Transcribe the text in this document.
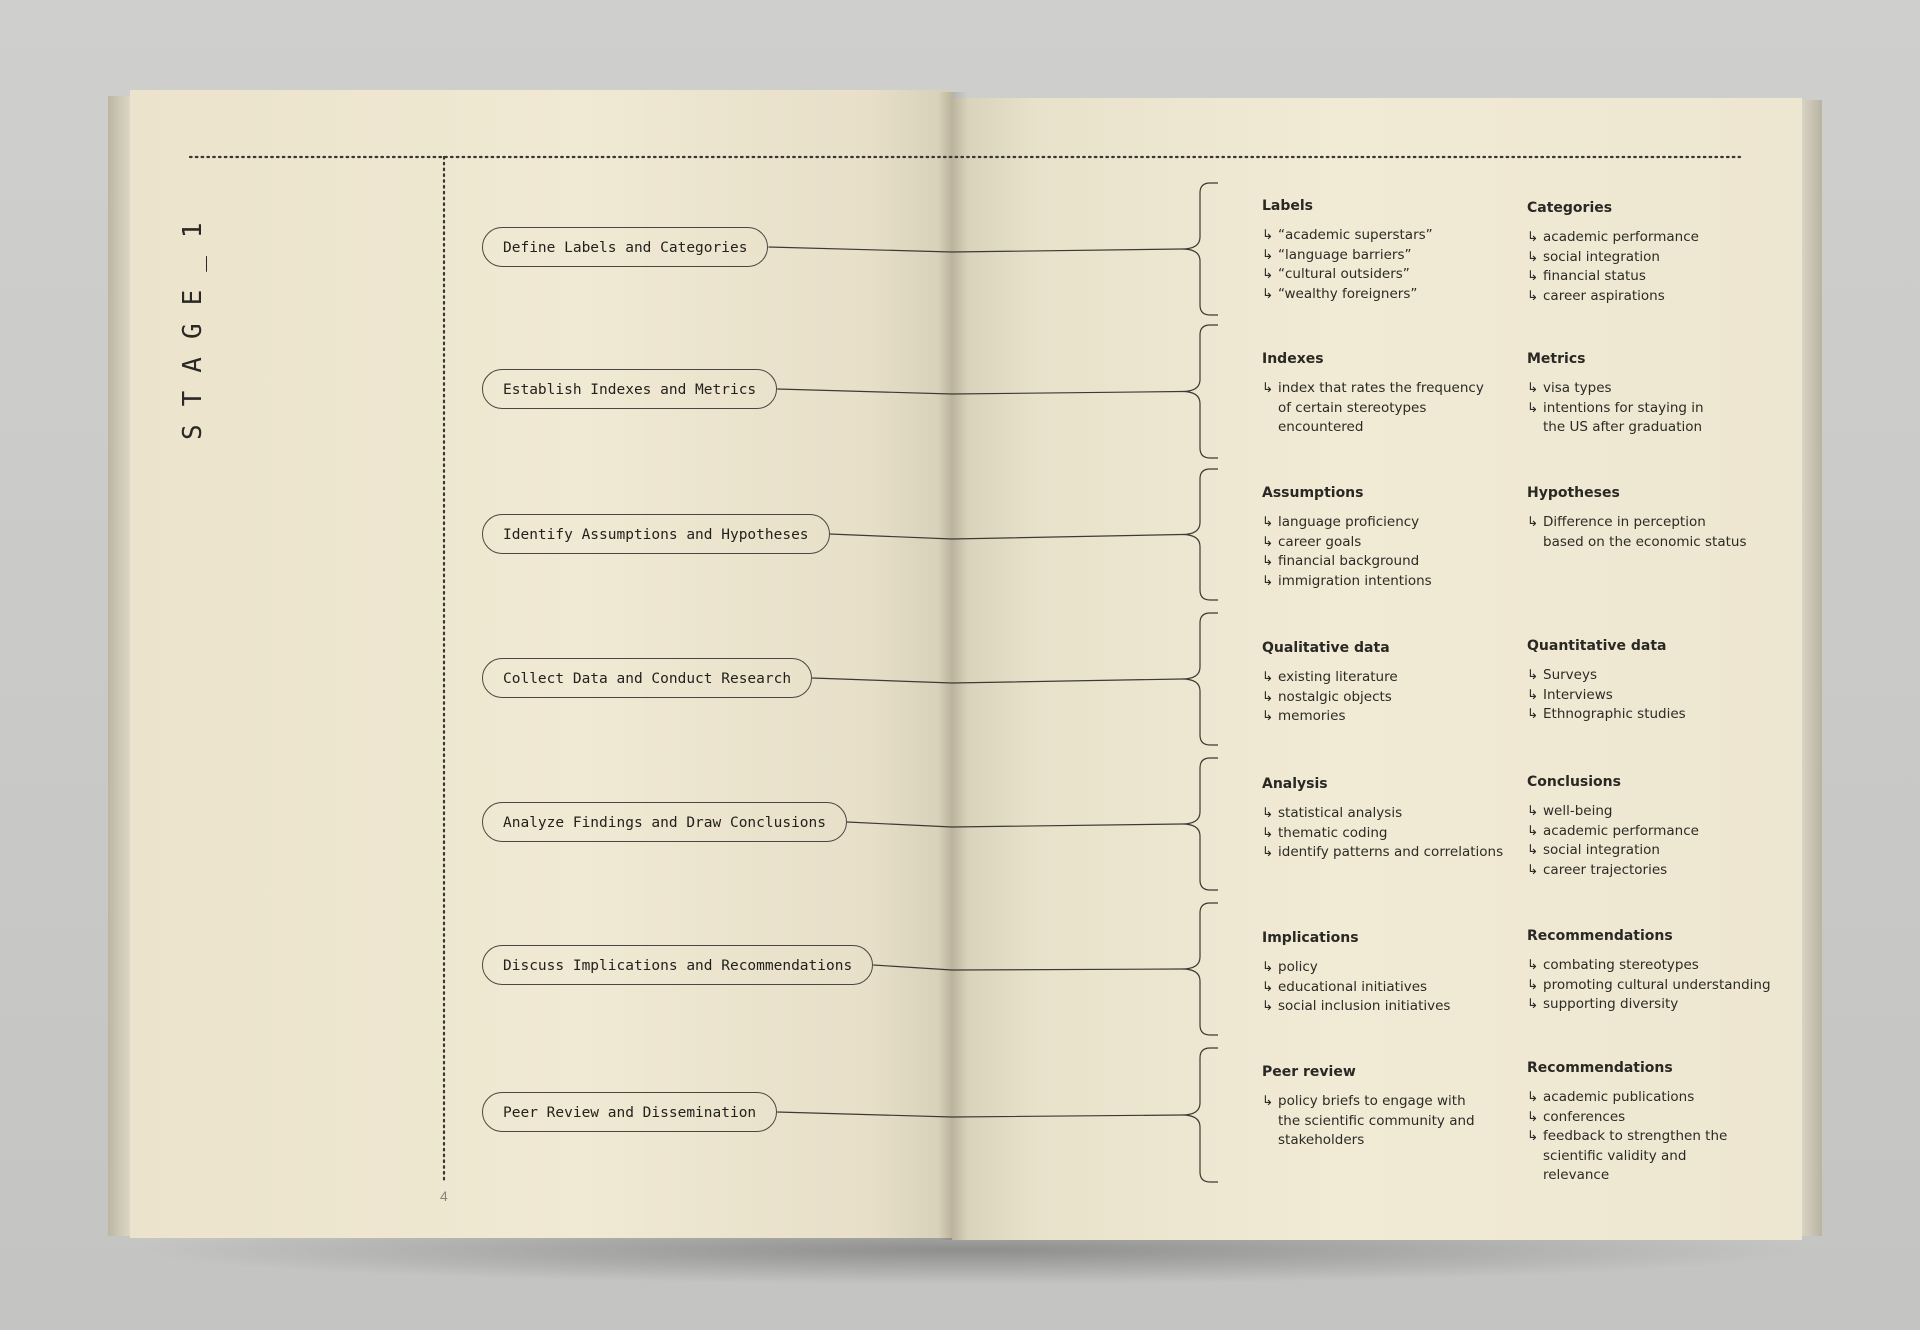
STAGE_1
4
Define Labels and Categories
Establish Indexes and Metrics
Identify Assumptions and Hypotheses
Collect Data and Conduct Research
Analyze Findings and Draw Conclusions
Discuss Implications and Recommendations
Peer Review and Dissemination
Labels
↳ “academic superstars”
↳ “language barriers”
↳ “cultural outsiders”
↳ “wealthy foreigners”
Categories
↳ academic performance
↳ social integration
↳ financial status
↳ career aspirations
Indexes
↳ index that rates the frequency of certain stereotypes encountered
Metrics
↳ visa types
↳ intentions for staying in the US after graduation
Assumptions
↳ language proficiency
↳ career goals
↳ financial background
↳ immigration intentions
Hypotheses
↳ Difference in perception based on the economic status
Qualitative data
↳ existing literature
↳ nostalgic objects
↳ memories
Quantitative data
↳ Surveys
↳ Interviews
↳ Ethnographic studies
Analysis
↳ statistical analysis
↳ thematic coding
↳ identify patterns and correlations
Conclusions
↳ well-being
↳ academic performance
↳ social integration
↳ career trajectories
Implications
↳ policy
↳ educational initiatives
↳ social inclusion initiatives
Recommendations
↳ combating stereotypes
↳ promoting cultural understanding
↳ supporting diversity
Peer review
↳ policy briefs to engage with the scientific community and stakeholders
Recommendations
↳ academic publications
↳ conferences
↳ feedback to strengthen the scientific validity and relevance
